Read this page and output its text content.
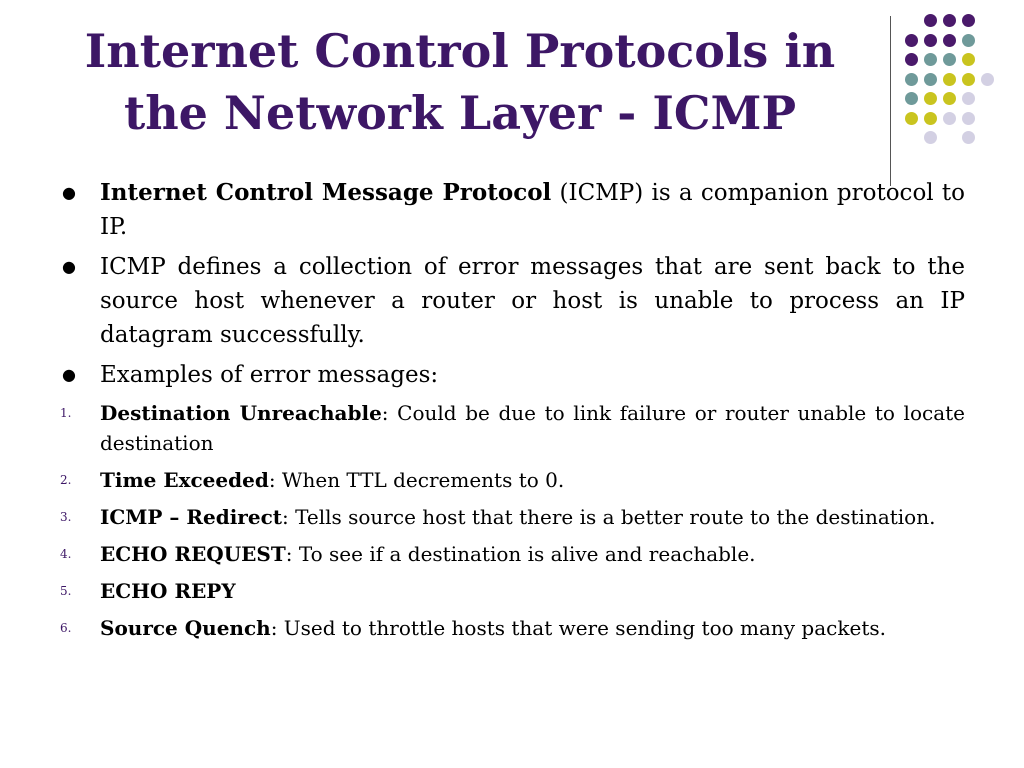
Internet Control Protocols in
the Network Layer - ICMP
● Internet Control Message Protocol (ICMP) is a companion protocol to IP.
● ICMP defines a collection of error messages that are sent back to the source host whenever a router or host is unable to process an IP datagram successfully.
● Examples of error messages:
1. Destination Unreachable: Could be due to link failure or router unable to locate destination
2. Time Exceeded: When TTL decrements to 0.
3. ICMP – Redirect: Tells source host that there is a better route to the destination.
4. ECHO REQUEST: To see if a destination is alive and reachable.
5. ECHO REPY
6. Source Quench: Used to throttle hosts that were sending too many packets.
